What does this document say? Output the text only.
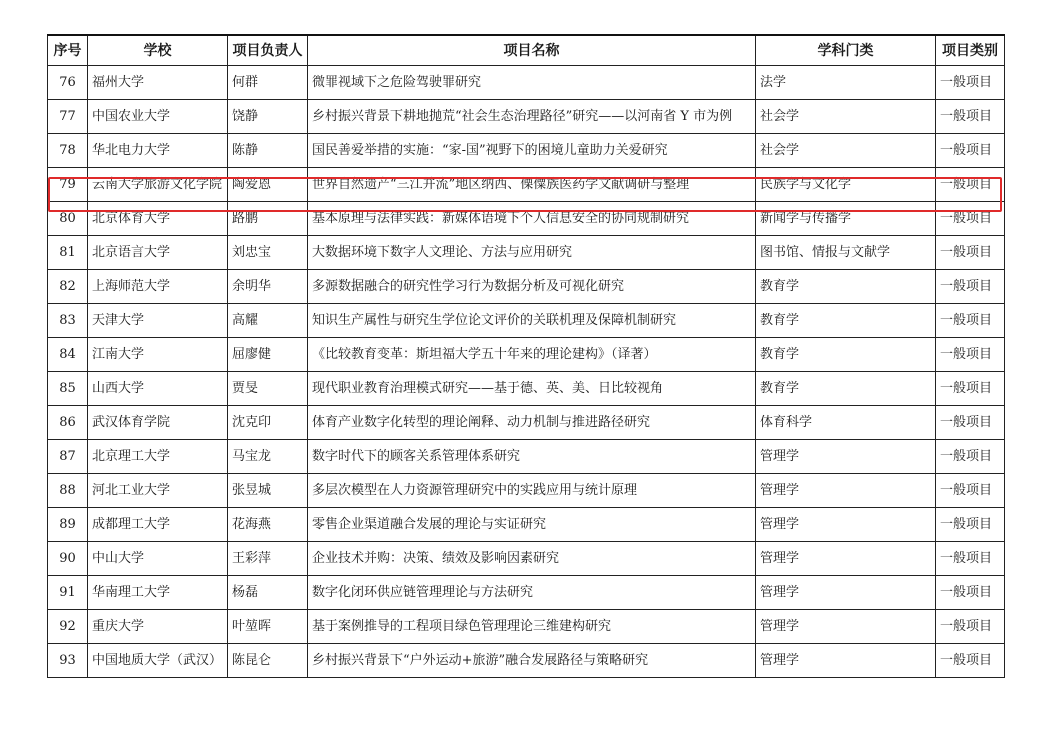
序号	学校	项目负责人	项目名称	学科门类	项目类别
76	福州大学	何群	微罪视域下之危险驾驶罪研究	法学	一般项目
77	中国农业大学	饶静	乡村振兴背景下耕地抛荒“社会生态治理路径”研究——以河南省 Y 市为例	社会学	一般项目
78	华北电力大学	陈静	国民善爱举措的实施：“家-国”视野下的困境儿童助力关爱研究	社会学	一般项目
79	云南大学旅游文化学院	陶爱恩	世界自然遗产“三江并流”地区纳西、傈僳族医药学文献调研与整理	民族学与文化学	一般项目
80	北京体育大学	路鹏	基本原理与法律实践：新媒体语境下个人信息安全的协同规制研究	新闻学与传播学	一般项目
81	北京语言大学	刘忠宝	大数据环境下数字人文理论、方法与应用研究	图书馆、情报与文献学	一般项目
82	上海师范大学	余明华	多源数据融合的研究性学习行为数据分析及可视化研究	教育学	一般项目
83	天津大学	高耀	知识生产属性与研究生学位论文评价的关联机理及保障机制研究	教育学	一般项目
84	江南大学	屈廖健	《比较教育变革：斯坦福大学五十年来的理论建构》（译著）	教育学	一般项目
85	山西大学	贾旻	现代职业教育治理模式研究——基于德、英、美、日比较视角	教育学	一般项目
86	武汉体育学院	沈克印	体育产业数字化转型的理论阐释、动力机制与推进路径研究	体育科学	一般项目
87	北京理工大学	马宝龙	数字时代下的顾客关系管理体系研究	管理学	一般项目
88	河北工业大学	张昱城	多层次模型在人力资源管理研究中的实践应用与统计原理	管理学	一般项目
89	成都理工大学	花海燕	零售企业渠道融合发展的理论与实证研究	管理学	一般项目
90	中山大学	王彩萍	企业技术并购：决策、绩效及影响因素研究	管理学	一般项目
91	华南理工大学	杨磊	数字化闭环供应链管理理论与方法研究	管理学	一般项目
92	重庆大学	叶堃晖	基于案例推导的工程项目绿色管理理论三维建构研究	管理学	一般项目
93	中国地质大学（武汉）	陈昆仑	乡村振兴背景下“户外运动+旅游”融合发展路径与策略研究	管理学	一般项目
